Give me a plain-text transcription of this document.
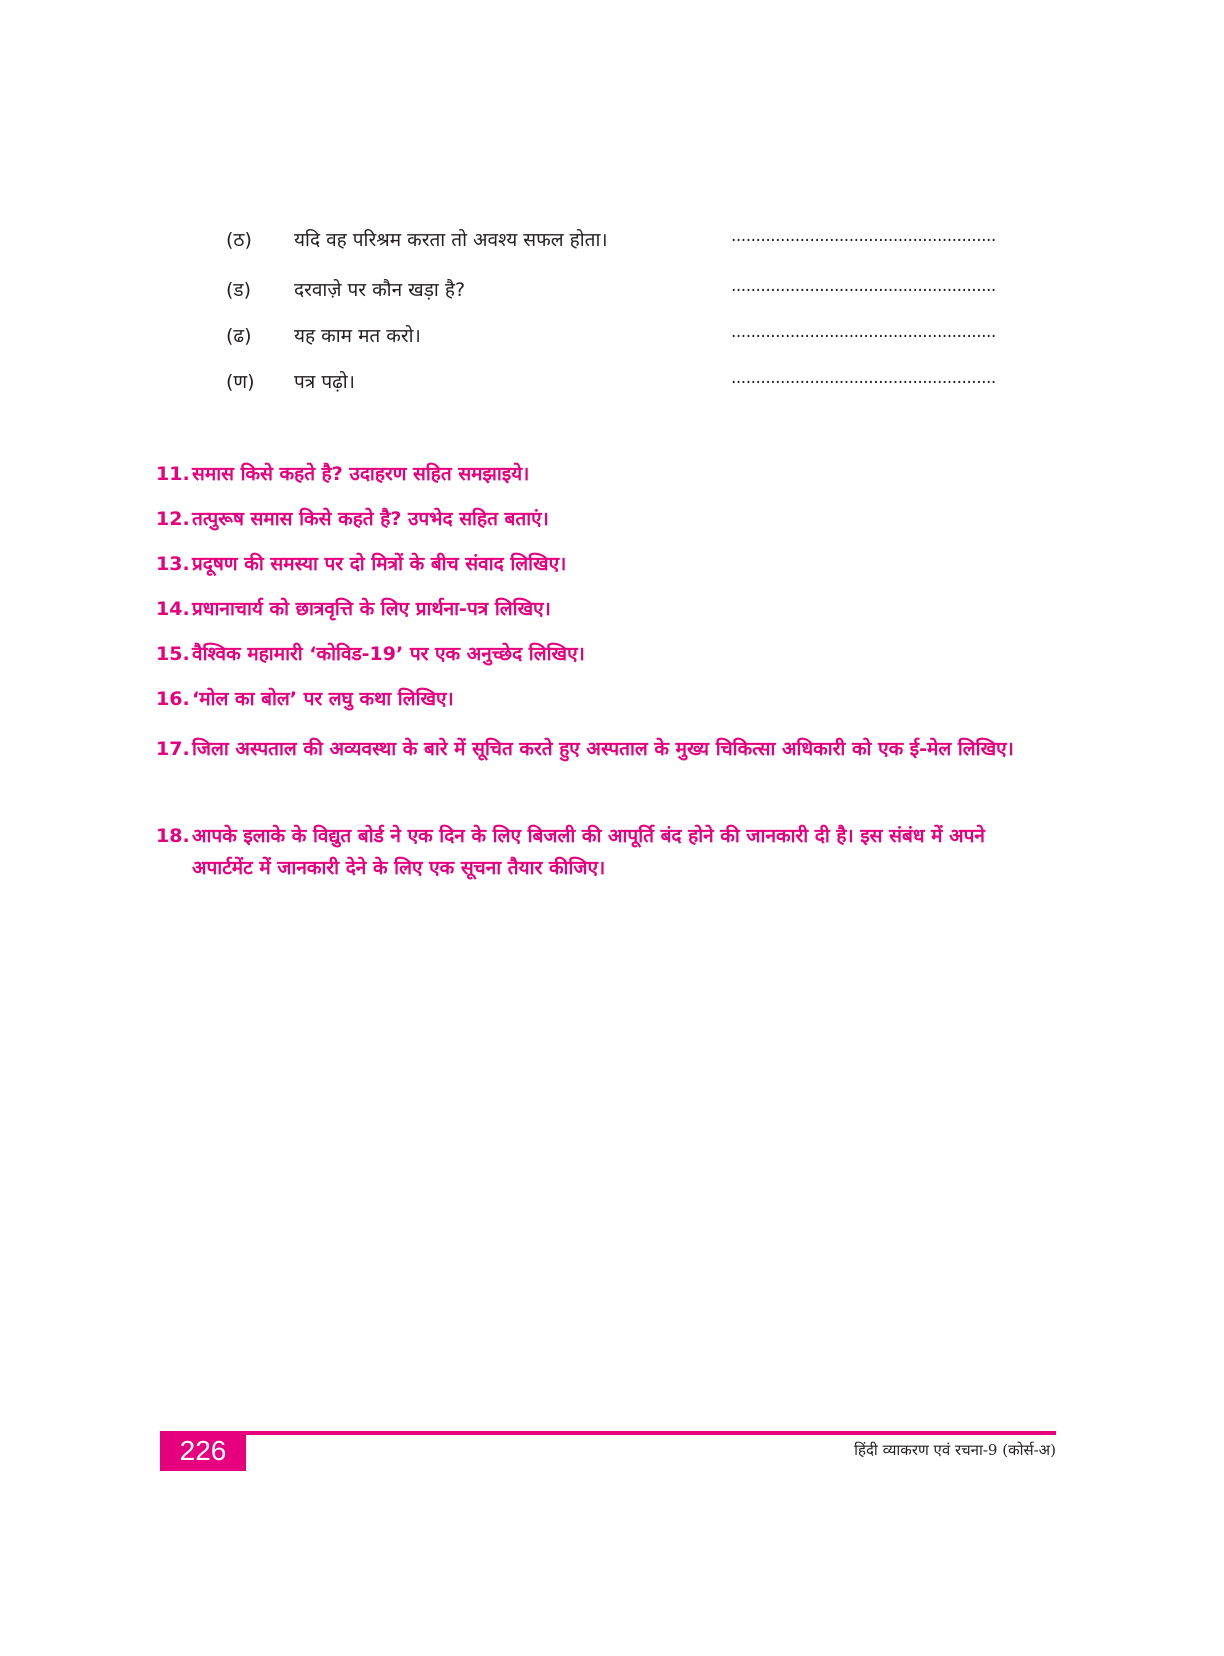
(ठ)	यदि वह परिश्रम करता तो अवश्य सफल होता।	......................................................
(ड)	दरवाज़े पर कौन खड़ा है?	......................................................
(ढ)	यह काम मत करो।	......................................................
(ण)	पत्र पढ़ो।	......................................................
11. समास किसे कहते है? उदाहरण सहित समझाइये।
12. तत्पुरूष समास किसे कहते है? उपभेद सहित बताएं।
13. प्रदूषण की समस्या पर दो मित्रों के बीच संवाद लिखिए।
14. प्रधानाचार्य को छात्रवृत्ति के लिए प्रार्थना-पत्र लिखिए।
15. वैश्विक महामारी ‘कोविड-19’ पर एक अनुच्छेद लिखिए।
16. ‘मोल का बोल’ पर लघु कथा लिखिए।
17. जिला अस्पताल की अव्यवस्था के बारे में सूचित करते हुए अस्पताल के मुख्य चिकित्सा अधिकारी को एक ई-मेल लिखिए।
18. आपके इलाके के विद्युत बोर्ड ने एक दिन के लिए बिजली की आपूर्ति बंद होने की जानकारी दी है। इस संबंध में अपने अपार्टमेंट में जानकारी देने के लिए एक सूचना तैयार कीजिए।
226	हिंदी व्याकरण एवं रचना-9 (कोर्स-अ)
